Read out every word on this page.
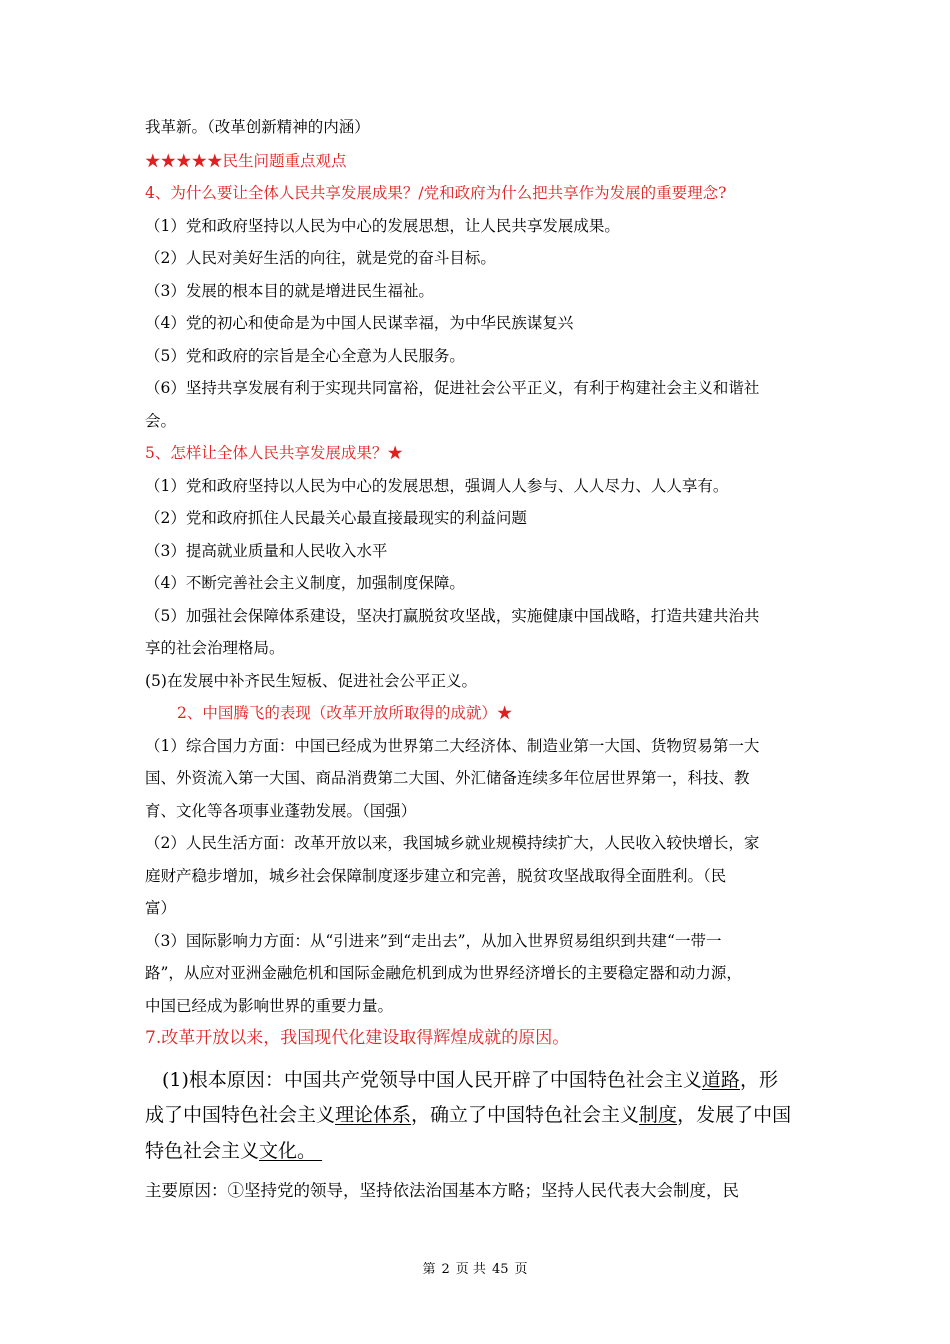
我革新。（改革创新精神的内涵）
★★★★★民生问题重点观点
4、为什么要让全体人民共享发展成果？/党和政府为什么把共享作为发展的重要理念?
（1）党和政府坚持以人民为中心的发展思想，让人民共享发展成果。
（2）人民对美好生活的向往，就是党的奋斗目标。
（3）发展的根本目的就是增进民生福祉。
（4）党的初心和使命是为中国人民谋幸福，为中华民族谋复兴
（5）党和政府的宗旨是全心全意为人民服务。
（6）坚持共享发展有利于实现共同富裕，促进社会公平正义，有利于构建社会主义和谐社
会。
5、怎样让全体人民共享发展成果？★
（1）党和政府坚持以人民为中心的发展思想，强调人人参与、人人尽力、人人享有。
（2）党和政府抓住人民最关心最直接最现实的利益问题
（3）提高就业质量和人民收入水平
（4）不断完善社会主义制度，加强制度保障。
（5）加强社会保障体系建设，坚决打赢脱贫攻坚战，实施健康中国战略，打造共建共治共
享的社会治理格局。
(5)在发展中补齐民生短板、促进社会公平正义。
2、中国腾飞的表现（改革开放所取得的成就）★
（1）综合国力方面：中国已经成为世界第二大经济体、制造业第一大国、货物贸易第一大
国、外资流入第一大国、商品消费第二大国、外汇储备连续多年位居世界第一，科技、教
育、文化等各项事业蓬勃发展。（国强）
（2）人民生活方面：改革开放以来，我国城乡就业规模持续扩大，人民收入较快增长，家
庭财产稳步增加，城乡社会保障制度逐步建立和完善，脱贫攻坚战取得全面胜利。（民
富）
（3）国际影响力方面：从“引进来”到“走出去”，从加入世界贸易组织到共建“一带一
路”，从应对亚洲金融危机和国际金融危机到成为世界经济增长的主要稳定器和动力源，
中国已经成为影响世界的重要力量。
7.改革开放以来，我国现代化建设取得辉煌成就的原因。
(1)根本原因：中国共产党领导中国人民开辟了中国特色社会主义道路，形
成了中国特色社会主义理论体系，确立了中国特色社会主义制度，发展了中国
特色社会主义文化。
主要原因：①坚持党的领导，坚持依法治国基本方略；坚持人民代表大会制度，民
第 2 页 共 45 页
